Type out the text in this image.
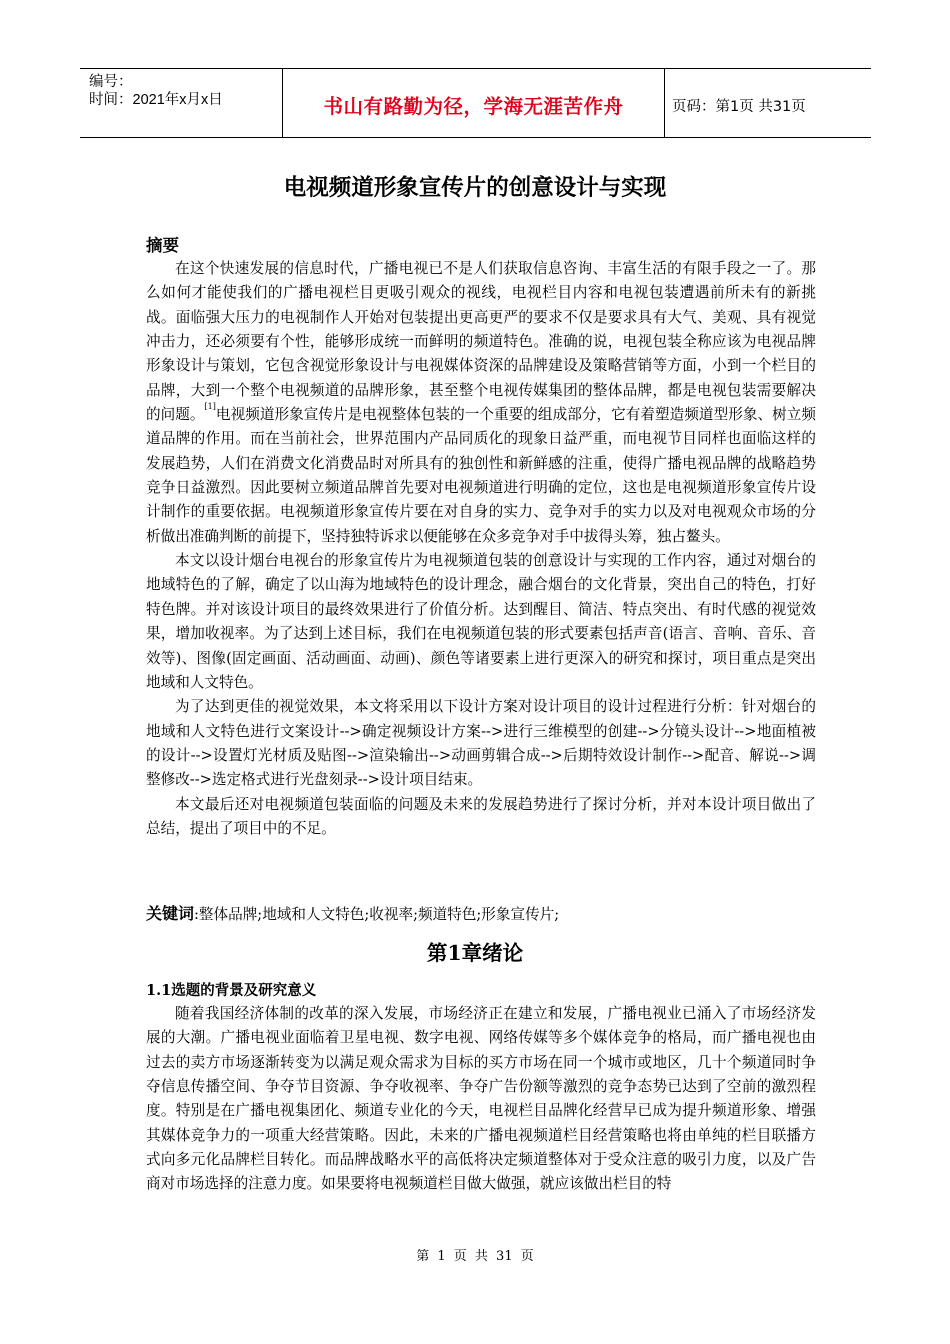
编号：
时间：2021年x月x日	书山有路勤为径，学海无涯苦作舟	页码：第1页 共31页
电视频道形象宣传片的创意设计与实现
摘要

在这个快速发展的信息时代，广播电视已不是人们获取信息咨询、丰富生活的有限手段之一了。那么如何才能使我们的广播电视栏目更吸引观众的视线，电视栏目内容和电视包装遭遇前所未有的新挑战。面临强大压力的电视制作人开始对包装提出更高更严的要求不仅是要求具有大气、美观、具有视觉冲击力，还必须要有个性，能够形成统一而鲜明的频道特色。准确的说，电视包装全称应该为电视品牌形象设计与策划，它包含视觉形象设计与电视媒体资深的品牌建设及策略营销等方面，小到一个栏目的品牌，大到一个整个电视频道的品牌形象，甚至整个电视传媒集团的整体品牌，都是电视包装需要解决的问题。[1]电视频道形象宣传片是电视整体包装的一个重要的组成部分，它有着塑造频道型形象、树立频道品牌的作用。而在当前社会，世界范围内产品同质化的现象日益严重，而电视节目同样也面临这样的发展趋势，人们在消费文化消费品时对所具有的独创性和新鲜感的注重，使得广播电视品牌的战略趋势竞争日益激烈。因此要树立频道品牌首先要对电视频道进行明确的定位，这也是电视频道形象宣传片设计制作的重要依据。电视频道形象宣传片要在对自身的实力、竞争对手的实力以及对电视观众市场的分析做出准确判断的前提下，坚持独特诉求以便能够在众多竞争对手中拔得头筹，独占鳌头。

本文以设计烟台电视台的形象宣传片为电视频道包装的创意设计与实现的工作内容，通过对烟台的地域特色的了解，确定了以山海为地域特色的设计理念，融合烟台的文化背景，突出自己的特色，打好特色牌。并对该设计项目的最终效果进行了价值分析。达到醒目、简洁、特点突出、有时代感的视觉效果，增加收视率。为了达到上述目标，我们在电视频道包装的形式要素包括声音(语言、音响、音乐、音效等)、图像(固定画面、活动画面、动画)、颜色等诸要素上进行更深入的研究和探讨，项目重点是突出地域和人文特色。

为了达到更佳的视觉效果，本文将采用以下设计方案对设计项目的设计过程进行分析：针对烟台的地域和人文特色进行文案设计-->确定视频设计方案-->进行三维模型的创建-->分镜头设计-->地面植被的设计-->设置灯光材质及贴图-->渲染输出-->动画剪辑合成-->后期特效设计制作-->配音、解说-->调整修改-->选定格式进行光盘刻录-->设计项目结束。

本文最后还对电视频道包装面临的问题及未来的发展趋势进行了探讨分析，并对本设计项目做出了总结，提出了项目中的不足。

关键词:整体品牌;地域和人文特色;收视率;频道特色;形象宣传片;
第1章绪论
1.1选题的背景及研究意义

随着我国经济体制的改革的深入发展，市场经济正在建立和发展，广播电视业已涌入了市场经济发展的大潮。广播电视业面临着卫星电视、数字电视、网络传媒等多个媒体竞争的格局，而广播电视也由过去的卖方市场逐渐转变为以满足观众需求为目标的买方市场在同一个城市或地区，几十个频道同时争夺信息传播空间、争夺节目资源、争夺收视率、争夺广告份额等激烈的竞争态势已达到了空前的激烈程度。特别是在广播电视集团化、频道专业化的今天，电视栏目品牌化经营早已成为提升频道形象、增强其媒体竞争力的一项重大经营策略。因此，未来的广播电视频道栏目经营策略也将由单纯的栏目联播方式向多元化品牌栏目转化。而品牌战略水平的高低将决定频道整体对于受众注意的吸引力度，以及广告商对市场选择的注意力度。如果要将电视频道栏目做大做强，就应该做出栏目的特

第 1 页 共 31 页
